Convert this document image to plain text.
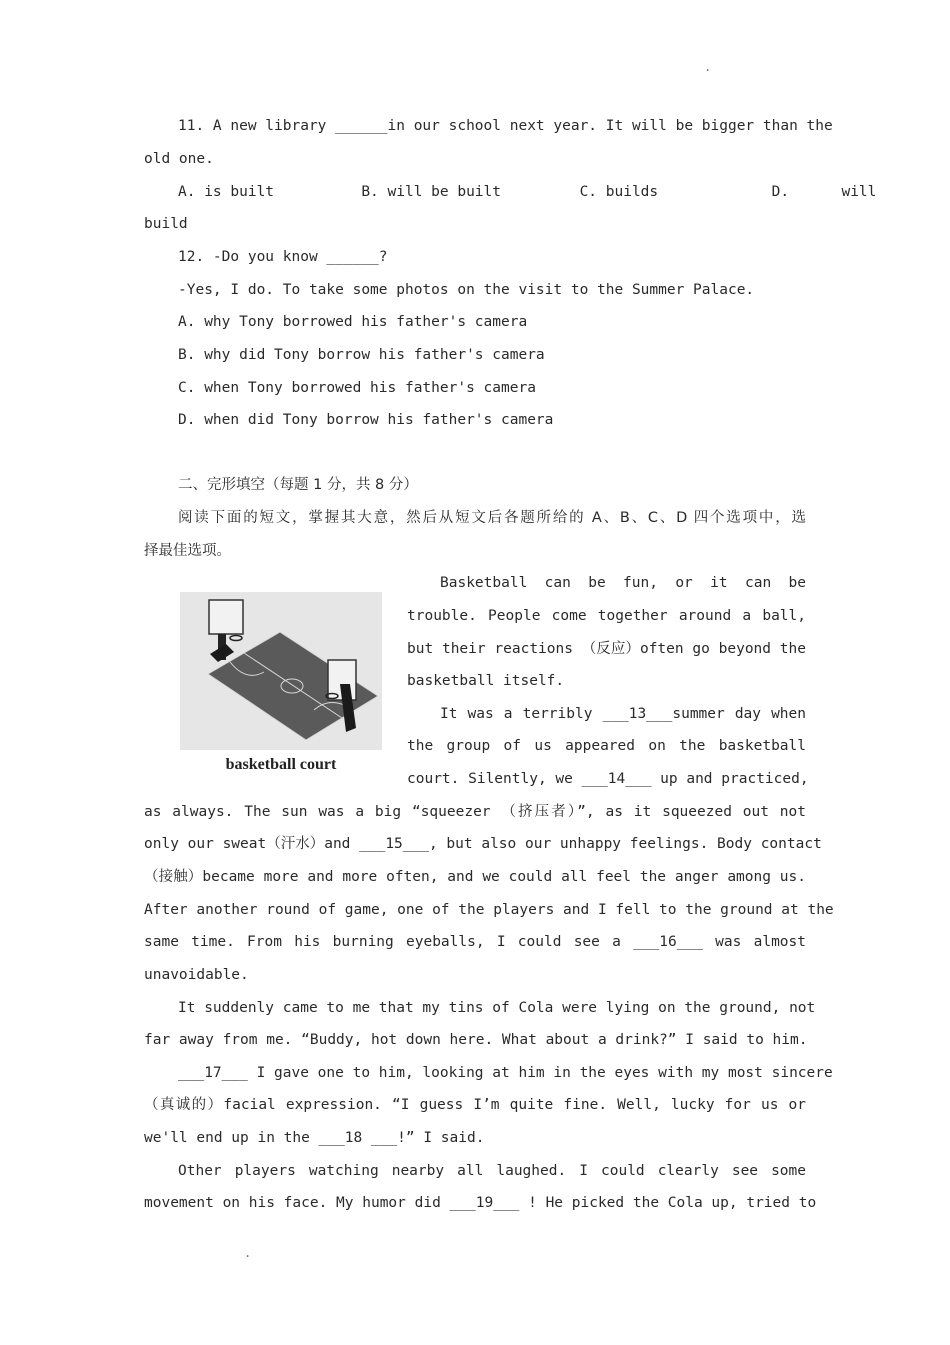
.
11. A new library ______in our school next year. It will be bigger than the
old one.
A. is built          B. will be built         C. builds             D.      will
build
12. -Do you know ______?
-Yes, I do. To take some photos on the visit to the Summer Palace.
A. why Tony borrowed his father's camera
B. why did Tony borrow his father's camera
C. when Tony borrowed his father's camera
D. when did Tony borrow his father's camera
二、完形填空（每题 1 分，共 8 分）
阅读下面的短文，掌握其大意，然后从短文后各题所给的 A、B、C、D 四个选项中，选
择最佳选项。
basketball court
Basketball can be fun, or it can be
trouble. People come together around a ball,
but their reactions （反应）often go beyond the
basketball itself.
It was a terribly ___13___summer day when
the group of us appeared on the basketball
court. Silently, we ___14___ up and practiced,
as always. The sun was a big “squeezer （挤压者）”, as it squeezed out not
only our sweat（汗水）and ___15___, but also our unhappy feelings. Body contact
（接触）became more and more often, and we could all feel the anger among us.
After another round of game, one of the players and I fell to the ground at the
same time. From his burning eyeballs, I could see a ___16___ was almost
unavoidable.
It suddenly came to me that my tins of Cola were lying on the ground, not
far away from me. “Buddy, hot down here. What about a drink?” I said to him.
___17___ I gave one to him, looking at him in the eyes with my most sincere
（真诚的）facial expression. “I guess I’m quite fine. Well, lucky for us or
we'll end up in the ___18 ___!” I said.
Other players watching nearby all laughed. I could clearly see some
movement on his face. My humor did ___19___ ! He picked the Cola up, tried to
.
